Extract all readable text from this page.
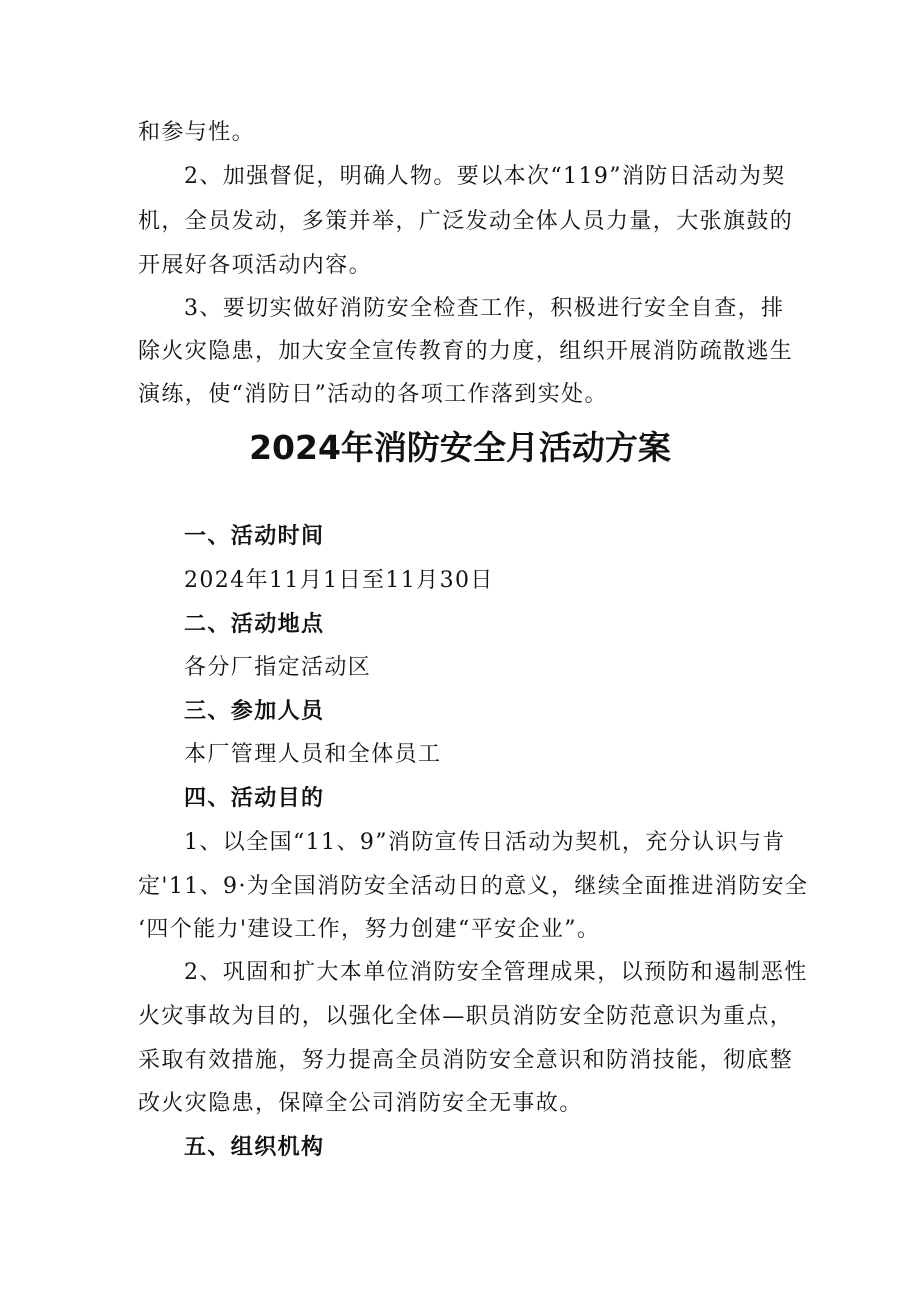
和参与性。

2、加强督促，明确人物。要以本次“119”消防日活动为契

机，全员发动，多策并举，广泛发动全体人员力量，大张旗鼓的

开展好各项活动内容。

3、要切实做好消防安全检查工作，积极进行安全自查，排

除火灾隐患，加大安全宣传教育的力度，组织开展消防疏散逃生

演练，使“消防日”活动的各项工作落到实处。

2024年消防安全月活动方案
一、活动时间

2024年11月1日至11月30日

二、活动地点

各分厂指定活动区

三、参加人员

本厂管理人员和全体员工

四、活动目的

1、以全国“11、9”消防宣传日活动为契机，充分认识与肯

定'11、9·为全国消防安全活动日的意义，继续全面推进消防安全

‘四个能力'建设工作，努力创建“平安企业”。

2、巩固和扩大本单位消防安全管理成果，以预防和遏制恶性

火灾事故为目的，以强化全体—职员消防安全防范意识为重点，

采取有效措施，努力提高全员消防安全意识和防消技能，彻底整

改火灾隐患，保障全公司消防安全无事故。

五、组织机构
